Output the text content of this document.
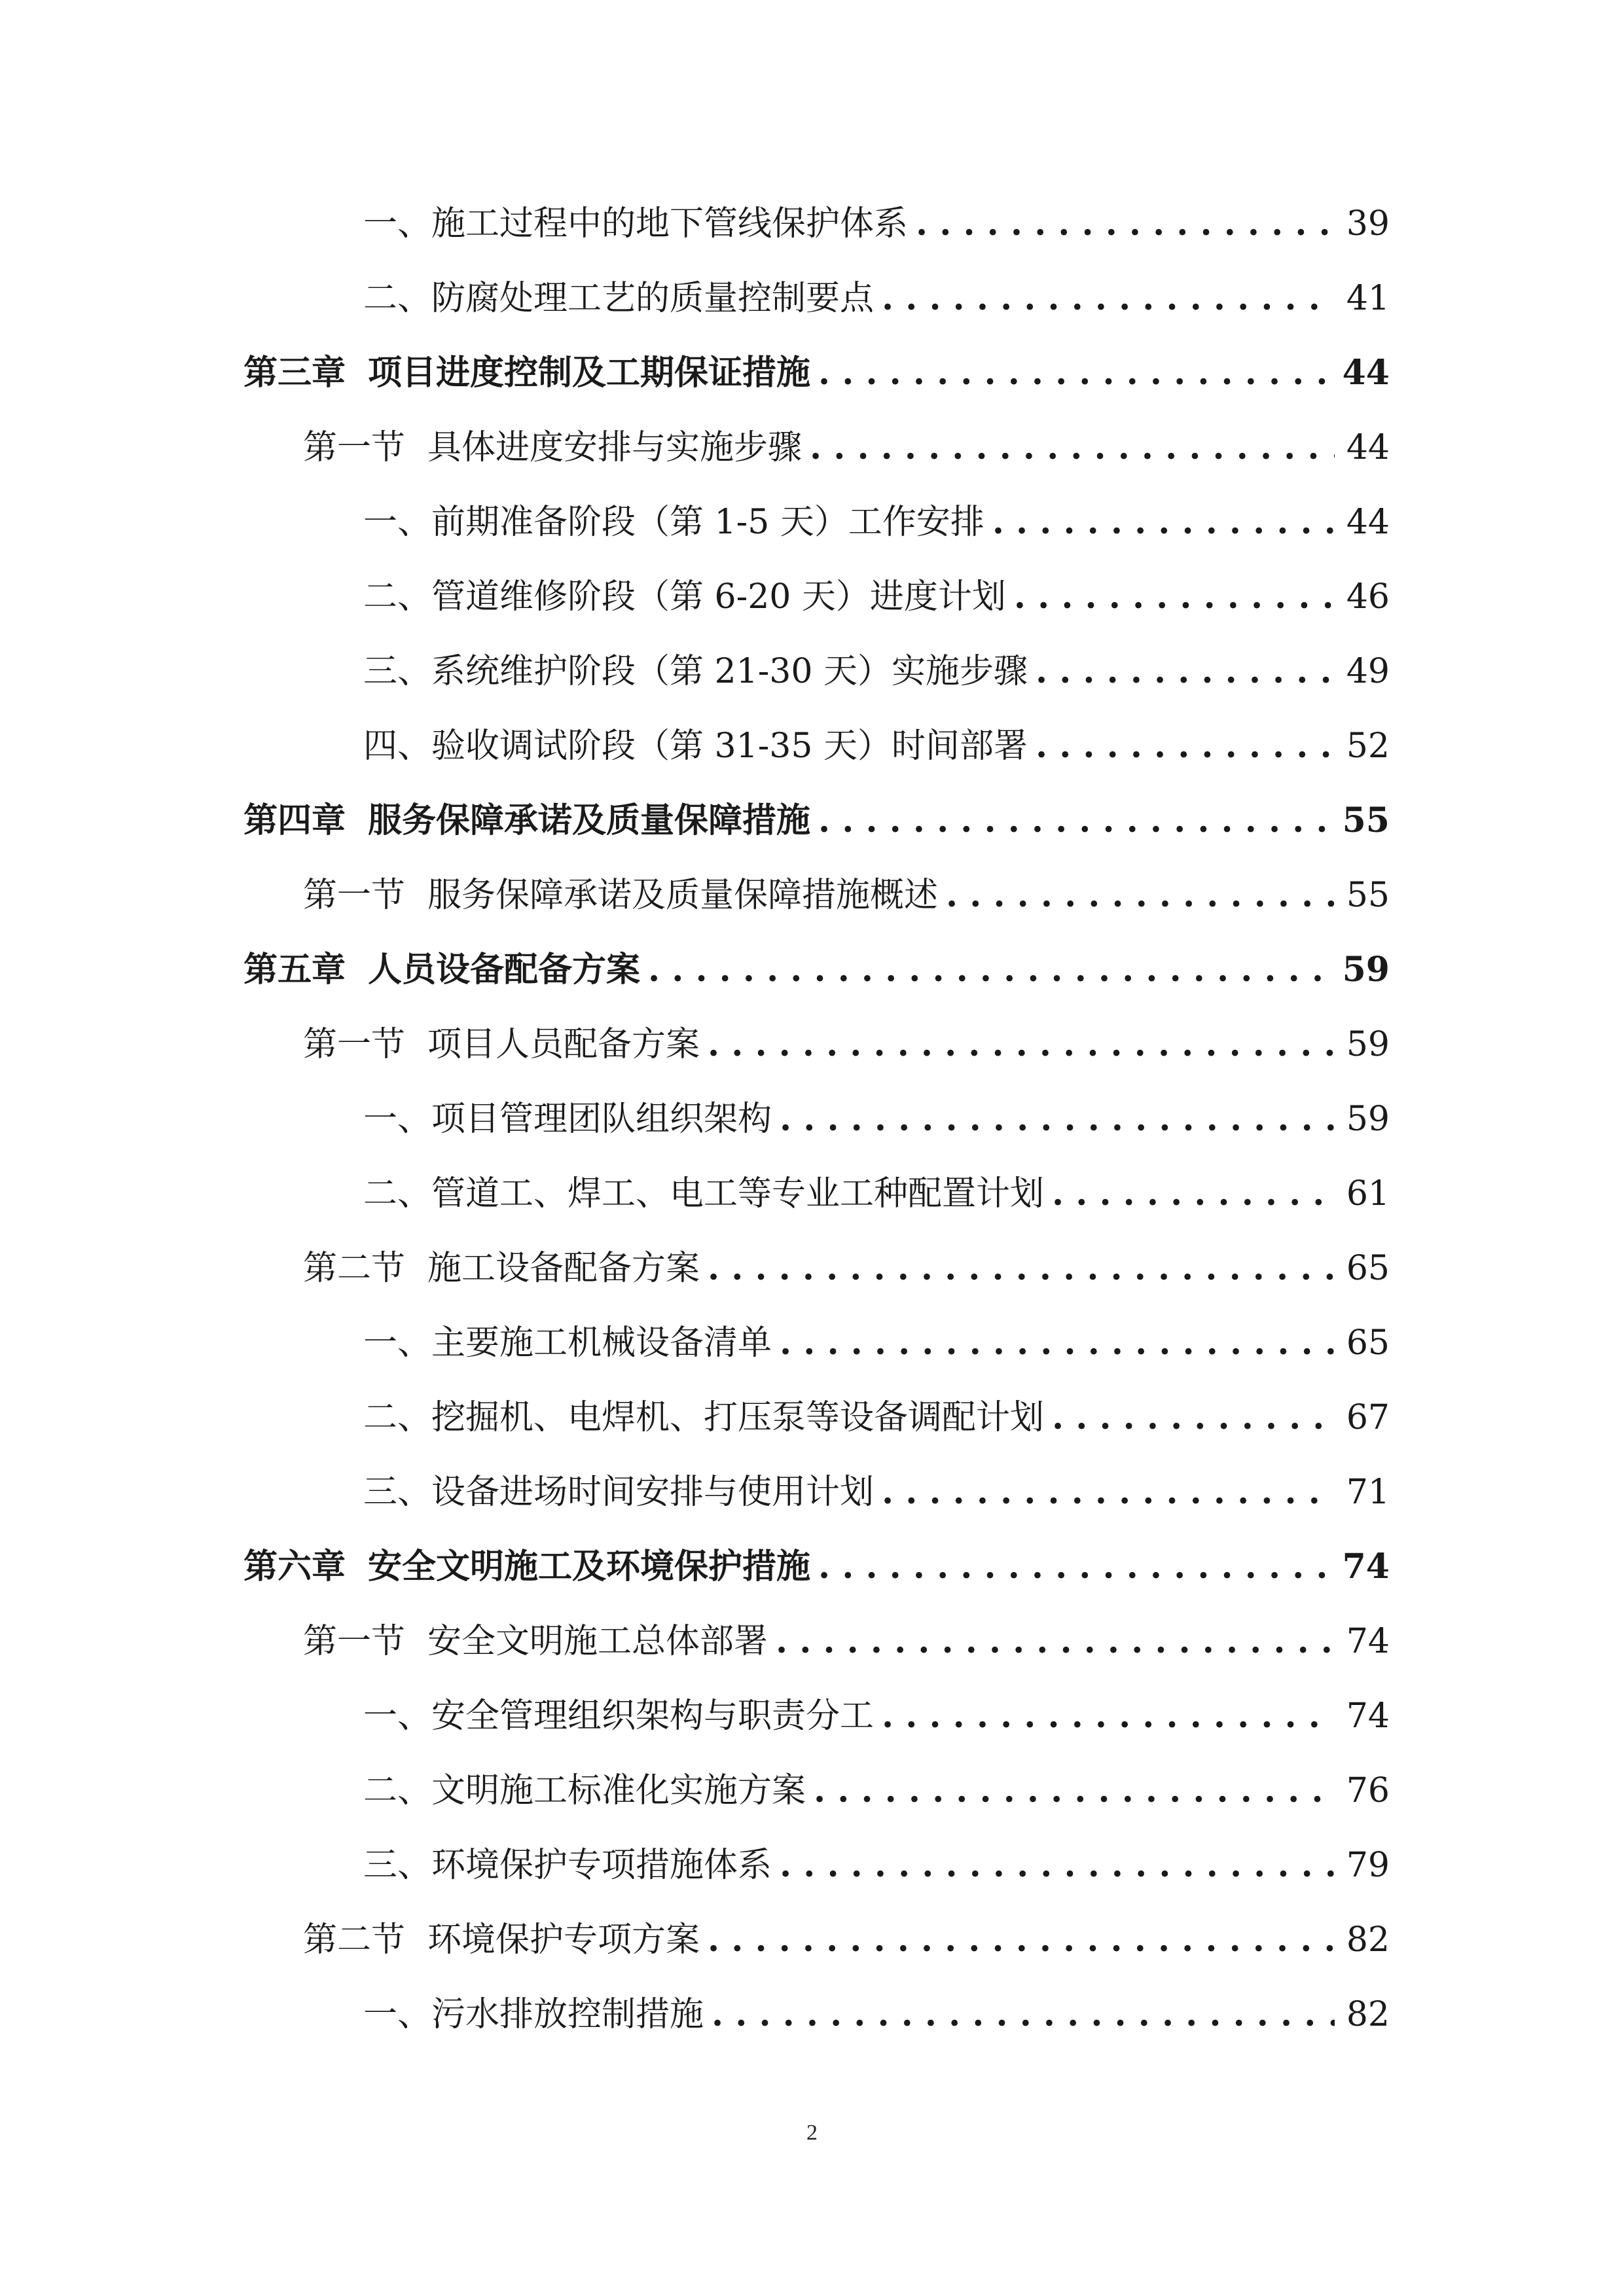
一、 施工过程中的地下管线保护体系 . . .	39
二、 防腐处理工艺的质量控制要点 . . .	41
第三章 项目进度控制及工期保证措施 . . .	44
第一节 具体进度安排与实施步骤 . . .	44
一、 前期准备阶段（第 1-5 天）工作安排 . . .	44
二、 管道维修阶段（第 6-20 天）进度计划 . . .	46
三、 系统维护阶段（第 21-30 天）实施步骤 . . .	49
四、 验收调试阶段（第 31-35 天）时间部署 . . .	52
第四章 服务保障承诺及质量保障措施 . . .	55
第一节 服务保障承诺及质量保障措施概述 . . .	55
第五章 人员设备配备方案 . . .	59
第一节 项目人员配备方案 . . .	59
一、 项目管理团队组织架构 . . .	59
二、 管道工、焊工、电工等专业工种配置计划 . . .	61
第二节 施工设备配备方案 . . .	65
一、 主要施工机械设备清单 . . .	65
二、 挖掘机、电焊机、打压泵等设备调配计划 . . .	67
三、 设备进场时间安排与使用计划 . . .	71
第六章 安全文明施工及环境保护措施 . . .	74
第一节 安全文明施工总体部署 . . .	74
一、 安全管理组织架构与职责分工 . . .	74
二、 文明施工标准化实施方案 . . .	76
三、 环境保护专项措施体系 . . .	79
第二节 环境保护专项方案 . . .	82
一、 污水排放控制措施 . . .	82
2
